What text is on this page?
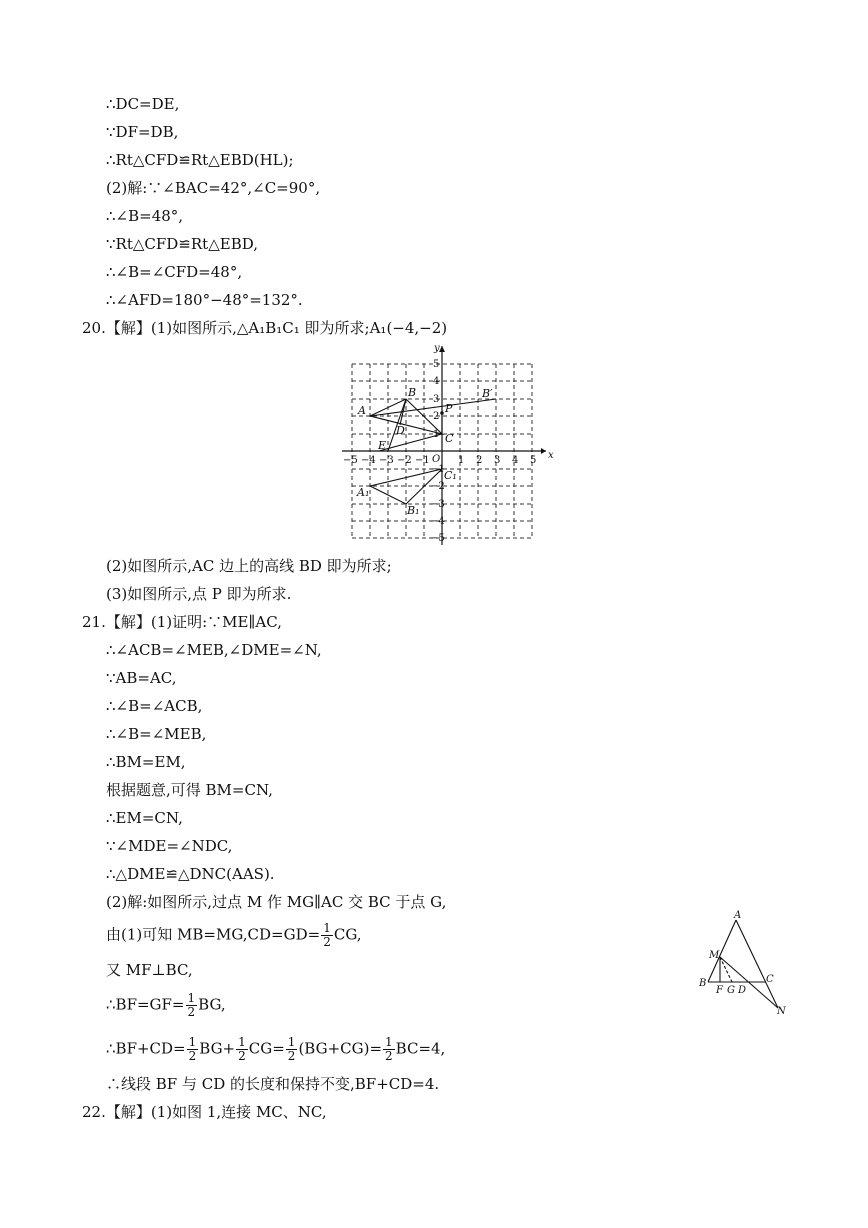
∴DC=DE,
∵DF=DB,
∴Rt△CFD≌Rt△EBD(HL);
(2)解:∵∠BAC=42°,∠C=90°,
∴∠B=48°,
∵Rt△CFD≌Rt△EBD,
∴∠B=∠CFD=48°,
∴∠AFD=180°−48°=132°.
20.【解】(1)如图所示,△A₁B₁C₁ 即为所求;A₁(−4,−2)
−5 −4 −3 −2 −1	1 2 3 4 5
5
4
3
2
1
−1
−2
−3
−4
−5
x
y
O
A
B
C
D
E
P
B′
A₁
B₁
C₁
(2)如图所示,AC 边上的高线 BD 即为所求;
(3)如图所示,点 P 即为所求.
21.【解】(1)证明:∵ME∥AC,
∴∠ACB=∠MEB,∠DME=∠N,
∵AB=AC,
∴∠B=∠ACB,
∴∠B=∠MEB,
∴BM=EM,
根据题意,可得 BM=CN,
∴EM=CN,
∵∠MDE=∠NDC,
∴△DME≌△DNC(AAS).
(2)解:如图所示,过点 M 作 MG∥AC 交 BC 于点 G,
由(1)可知 $MB=MG,CD=GD= \frac{1}{2}$ CG,
又 MF⊥BC,
∴BF=GF= $\frac{1}{2}$ BG,
∴BF+CD= $\frac{1}{2} BG+ \frac{1}{2} CG= \frac{1}{2} (BG+CG)= \frac{1}{2} BC=4$,
∴线段 BF 与 CD 的长度和保持不变,BF+CD=4.
22.【解】(1)如图 1,连接 MC、NC,
A
M
B
F G D
C
N
